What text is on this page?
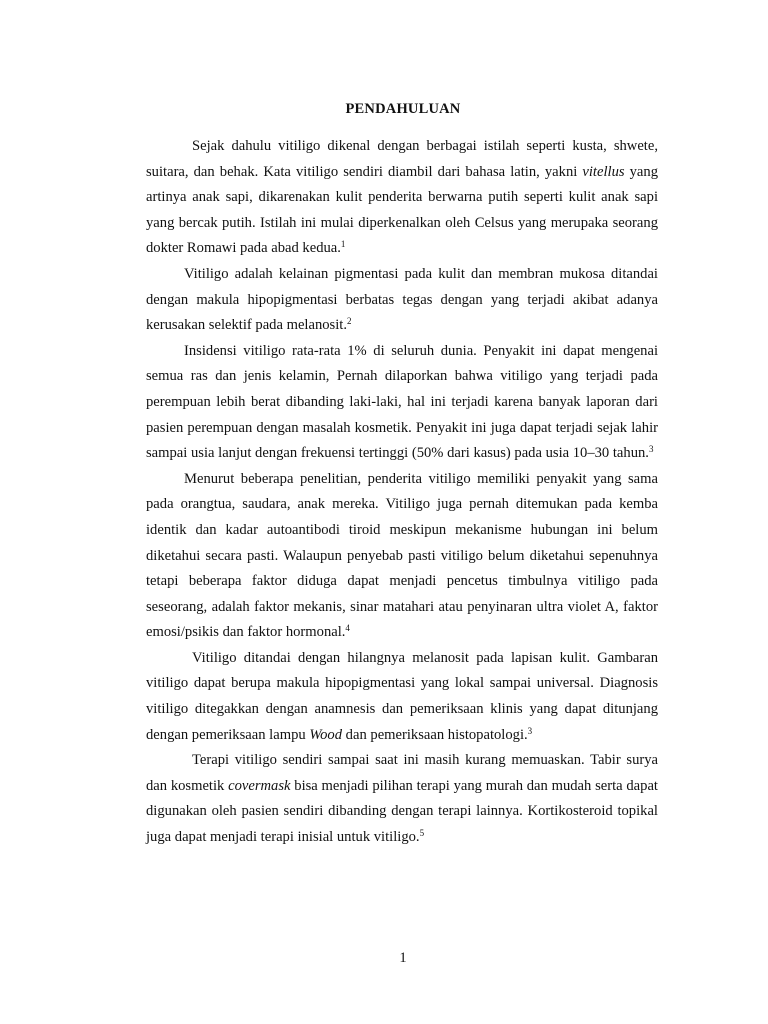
PENDAHULUAN

Sejak dahulu vitiligo dikenal dengan berbagai istilah seperti kusta, shwete, suitara, dan behak. Kata vitiligo sendiri diambil dari bahasa latin, yakni vitellus yang artinya anak sapi, dikarenakan kulit penderita berwarna putih seperti kulit anak sapi yang bercak putih. Istilah ini mulai diperkenalkan oleh Celsus yang merupaka seorang dokter Romawi pada abad kedua.$^1$

Vitiligo adalah kelainan pigmentasi pada kulit dan membran mukosa ditandai dengan makula hipopigmentasi berbatas tegas dengan yang terjadi akibat adanya kerusakan selektif pada melanosit.$^2$

Insidensi vitiligo rata-rata 1% di seluruh dunia. Penyakit ini dapat mengenai semua ras dan jenis kelamin, Pernah dilaporkan bahwa vitiligo yang terjadi pada perempuan lebih berat dibanding laki-laki, hal ini terjadi karena banyak laporan dari pasien perempuan dengan masalah kosmetik. Penyakit ini juga dapat terjadi sejak lahir sampai usia lanjut dengan frekuensi tertinggi (50% dari kasus) pada usia 10–30 tahun.$^3$

Menurut beberapa penelitian, penderita vitiligo memiliki penyakit yang sama pada orangtua, saudara, anak mereka. Vitiligo juga pernah ditemukan pada kemba identik dan kadar autoantibodi tiroid meskipun mekanisme hubungan ini belum diketahui secara pasti. Walaupun penyebab pasti vitiligo belum diketahui sepenuhnya tetapi beberapa faktor diduga dapat menjadi pencetus timbulnya vitiligo pada seseorang, adalah faktor mekanis, sinar matahari atau penyinaran ultra violet A, faktor emosi/psikis dan faktor hormonal.$^4$

Vitiligo ditandai dengan hilangnya melanosit pada lapisan kulit. Gambaran vitiligo dapat berupa makula hipopigmentasi yang lokal sampai universal. Diagnosis vitiligo ditegakkan dengan anamnesis dan pemeriksaan klinis yang dapat ditunjang dengan pemeriksaan lampu Wood dan pemeriksaan histopatologi.$^3$

Terapi vitiligo sendiri sampai saat ini masih kurang memuaskan. Tabir surya dan kosmetik covermask bisa menjadi pilihan terapi yang murah dan mudah serta dapat digunakan oleh pasien sendiri dibanding dengan terapi lainnya. Kortikosteroid topikal juga dapat menjadi terapi inisial untuk vitiligo.$^5$

1
